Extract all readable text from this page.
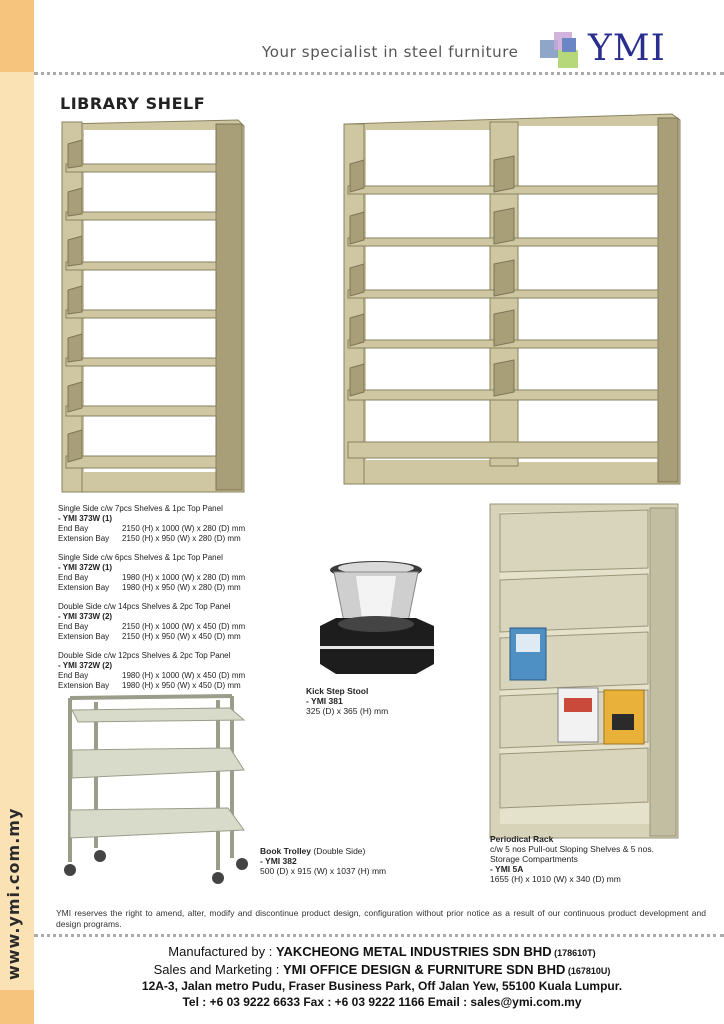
www.ymi.com.my
Your specialist in steel furniture YMI
LIBRARY SHELF
Single Side c/w 7pcs Shelves & 1pc Top Panel
- YMI 373W (1)
End Bay	2150 (H) x 1000 (W) x 280 (D) mm
Extension Bay	2150 (H) x 950 (W) x 280 (D) mm
Single Side c/w 6pcs Shelves & 1pc Top Panel
- YMI 372W (1)
End Bay	1980 (H) x 1000 (W) x 280 (D) mm
Extension Bay	1980 (H) x 950 (W) x 280 (D) mm
Double Side c/w 14pcs Shelves & 2pc Top Panel
- YMI 373W (2)
End Bay	2150 (H) x 1000 (W) x 450 (D) mm
Extension Bay	2150 (H) x 950 (W) x 450 (D) mm
Double Side c/w 12pcs Shelves & 2pc Top Panel
- YMI 372W (2)
End Bay	1980 (H) x 1000 (W) x 450 (D) mm
Extension Bay	1980 (H) x 950 (W) x 450 (D) mm
Kick Step Stool
- YMI 381
325 (D) x 365 (H) mm
Book Trolley (Double Side)
- YMI 382
500 (D) x 915 (W) x 1037 (H) mm
Periodical Rack
c/w 5 nos Pull-out Sloping Shelves & 5 nos.
Storage Compartments
- YMI 5A
1655 (H) x 1010 (W) x 340 (D) mm
YMI reserves the right to amend, alter, modify and discontinue product design, configuration without prior notice as a result of our continuous product development and design programs.
Manufactured by : YAKCHEONG METAL INDUSTRIES SDN BHD (178610T)
Sales and Marketing : YMI OFFICE DESIGN & FURNITURE SDN BHD (167810U)
12A-3, Jalan metro Pudu, Fraser Business Park, Off Jalan Yew, 55100 Kuala Lumpur.
Tel : +6 03 9222 6633 Fax : +6 03 9222 1166 Email : sales@ymi.com.my
